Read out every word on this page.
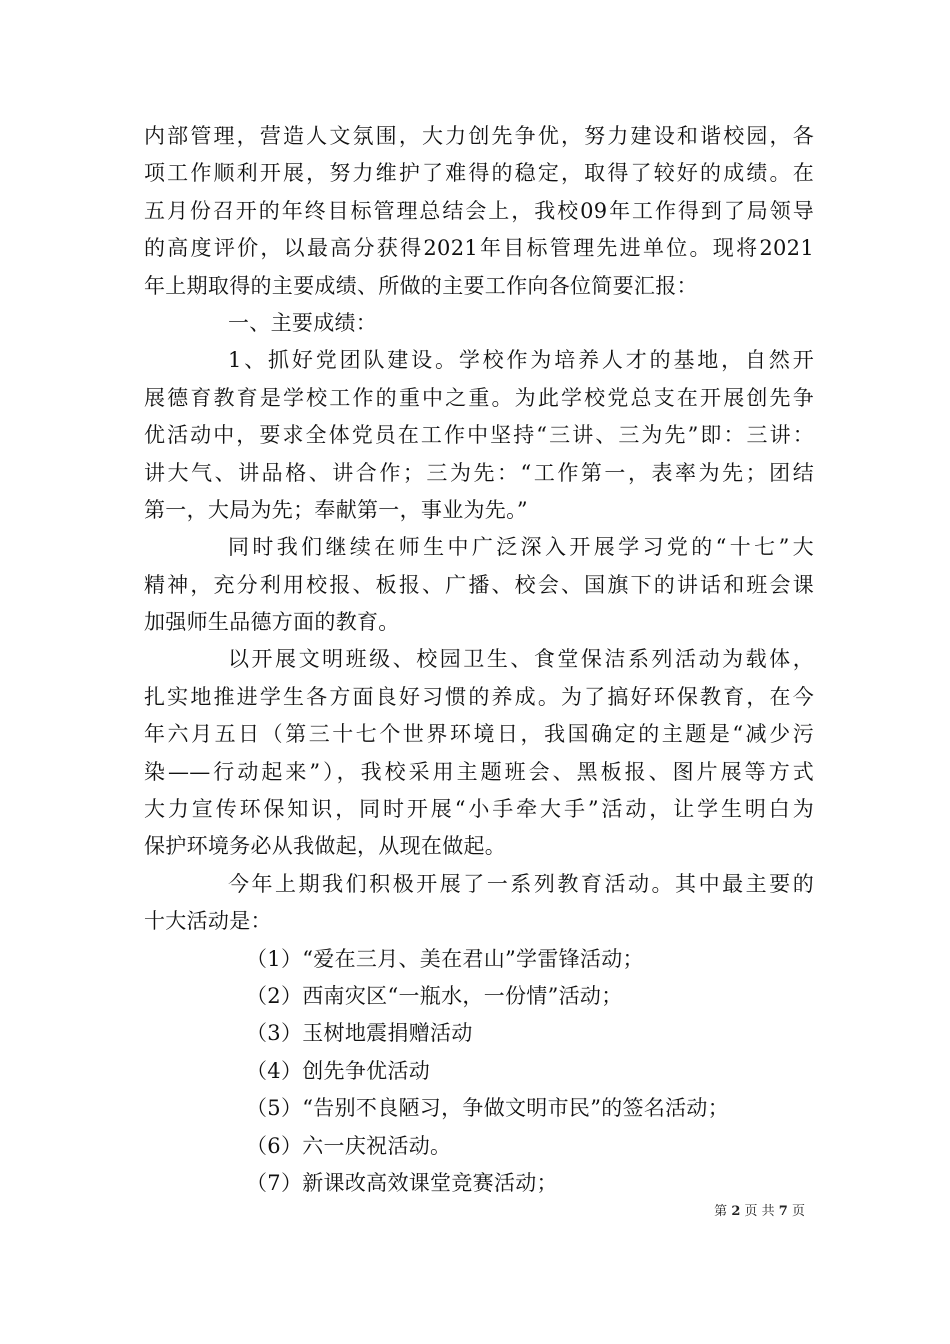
内部管理，营造人文氛围，大力创先争优，努力建设和谐校园，各
项工作顺利开展，努力维护了难得的稳定，取得了较好的成绩。在
五月份召开的年终目标管理总结会上，我校09年工作得到了局领导
的高度评价，以最高分获得2021年目标管理先进单位。现将2021
年上期取得的主要成绩、所做的主要工作向各位简要汇报：
一、主要成绩：
1、抓好党团队建设。学校作为培养人才的基地，自然开
展德育教育是学校工作的重中之重。为此学校党总支在开展创先争
优活动中，要求全体党员在工作中坚持“三讲、三为先”即：三讲：
讲大气、讲品格、讲合作；三为先：“工作第一，表率为先；团结
第一，大局为先；奉献第一，事业为先。”
同时我们继续在师生中广泛深入开展学习党的“十七”大
精神，充分利用校报、板报、广播、校会、国旗下的讲话和班会课
加强师生品德方面的教育。
以开展文明班级、校园卫生、食堂保洁系列活动为载体，
扎实地推进学生各方面良好习惯的养成。为了搞好环保教育，在今
年六月五日（第三十七个世界环境日，我国确定的主题是“减少污
染——行动起来”），我校采用主题班会、黑板报、图片展等方式
大力宣传环保知识，同时开展“小手牵大手”活动，让学生明白为
保护环境务必从我做起，从现在做起。
今年上期我们积极开展了一系列教育活动。其中最主要的
十大活动是：
（1）“爱在三月、美在君山”学雷锋活动；
（2）西南灾区“一瓶水，一份情”活动；
（3）玉树地震捐赠活动
（4）创先争优活动
（5）“告别不良陋习，争做文明市民”的签名活动；
（6）六一庆祝活动。
（7）新课改高效课堂竞赛活动；
第 2 页 共 7 页
